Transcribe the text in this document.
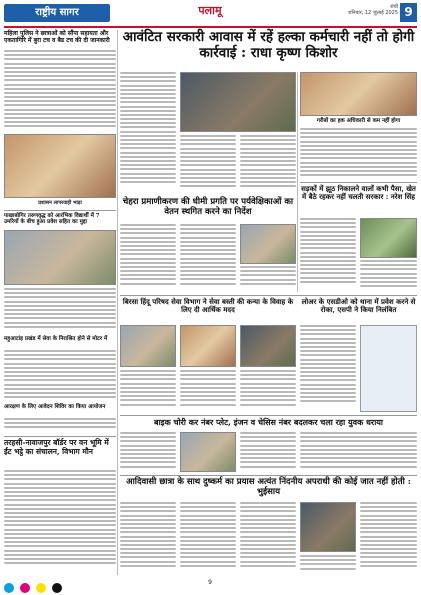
राष्ट्रीय सागर	पलामू	रांची
शनिवार, 12 जुलाई 2025 9
महिला पुलिस ने छात्राओं को सौंपा सहायता और एकतागिरि में बुरा टच व बैड टच की दी जानकारी
प्रशासन लापरवाही भाड़ा
पाखाबोगिर तरुणवृद्ध को आरंभिक विद्यार्थी में 7 उमरियों के बीच हुआ प्रवेश सहित का मुद्दा
महुआटांड़ प्रखंड में सेवा के निराश्रित होने से मोटर में
आरक्षण के लिए आवेदन शिविर का किया आयोजन
आवंटित सरकारी आवास में रहें हल्का कर्मचारी नहीं तो होगी कार्रवाई : राधा कृष्ण किशोर
चेहरा प्रमाणीकरण की धीमी प्रगति पर पर्यवेक्षिकाओं का वेतन स्थगित करने का निर्देश
गरीबों का हक अधिकारी से कम नहीं होगा
सड़कों में झूठ निकालने वालों कभी पैसा, खेत में बैठे रहकर नहीं चलती सरकार : नरेश सिंह
बिरसा हिंदू परिषद सेवा विभाग ने सेवा बस्ती की कन्या के विवाह के लिए दी आर्थिक मदद
लोअर के एसडीओ को थाना में प्रवेश करने से रोका, एसपी ने किया निलंबित
बाइक चोरी कर नंबर प्लेट, इंजन व चेसिस नंबर बदलकर चला रहा युवक धराया
तरहसी-नावाजपुर बॉर्डर पर वन भूमि में ईंट भट्ठे का संचालन, विभाग मौन
आदिवासी छात्रा के साथ दुष्कर्म का प्रयास अत्यंत निंदनीय अपराधी की कोई जात नहीं होती : भुईसाय

9
